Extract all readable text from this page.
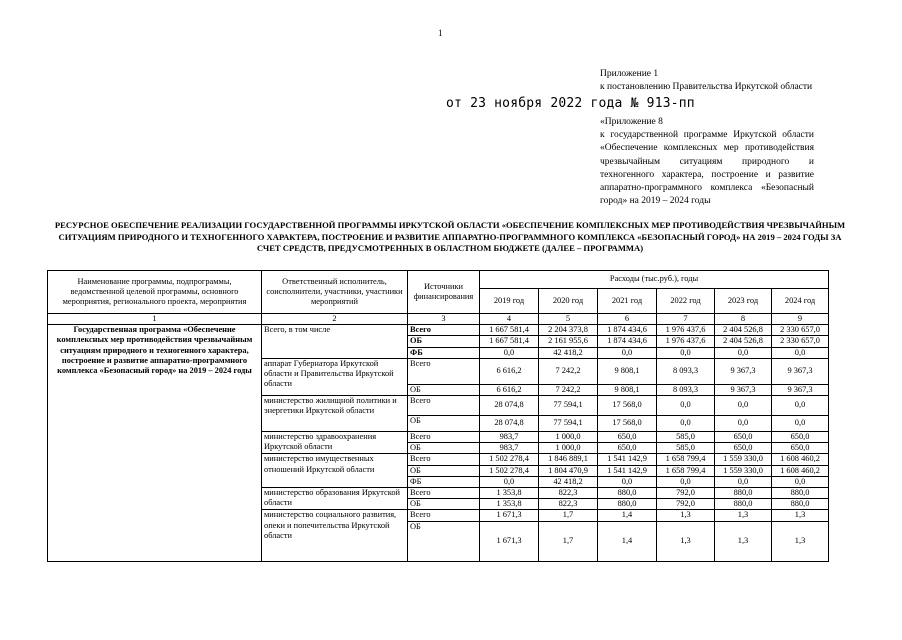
1
Приложение 1
к постановлению Правительства Иркутской области
от 23 ноября 2022 года № 913-пп
«Приложение 8
к государственной программе Иркутской области
«Обеспечение комплексных мер противодействия
чрезвычайным ситуациям природного и
техногенного характера, построение и развитие
аппаратно-программного комплекса «Безопасный
город» на 2019 – 2024 годы
РЕСУРСНОЕ ОБЕСПЕЧЕНИЕ РЕАЛИЗАЦИИ ГОСУДАРСТВЕННОЙ ПРОГРАММЫ ИРКУТСКОЙ ОБЛАСТИ «ОБЕСПЕЧЕНИЕ КОМПЛЕКСНЫХ МЕР ПРОТИВОДЕЙСТВИЯ ЧРЕЗВЫЧАЙНЫМ СИТУАЦИЯМ ПРИРОДНОГО И ТЕХНОГЕННОГО ХАРАКТЕРА, ПОСТРОЕНИЕ И РАЗВИТИЕ АППАРАТНО-ПРОГРАММНОГО КОМПЛЕКСА «БЕЗОПАСНЫЙ ГОРОД» НА 2019 – 2024 ГОДЫ ЗА СЧЕТ СРЕДСТВ, ПРЕДУСМОТРЕННЫХ В ОБЛАСТНОМ БЮДЖЕТЕ (ДАЛЕЕ – ПРОГРАММА)
Наименование программы, подпрограммы, ведомственной целевой программы, основного мероприятия, регионального проекта, мероприятия	Ответственный исполнитель, соисполнители, участники, участники мероприятий	Источники финансирования	Расходы (тыс.руб.), годы					
			2019 год	2020 год	2021 год	2022 год	2023 год	2024 год
1	2	3	4	5	6	7	8	9
Государственная программа «Обеспечение комплексных мер противодействия чрезвычайным ситуациям природного и техногенного характера, построение и развитие аппаратно-программного комплекса «Безопасный город» на 2019 – 2024 годы	Всего, в том числе	Всего	1 667 581,4	2 204 373,8	1 874 434,6	1 976 437,6	2 404 526,8	2 330 657,0
		ОБ	1 667 581,4	2 161 955,6	1 874 434,6	1 976 437,6	2 404 526,8	2 330 657,0
		ФБ	0,0	42 418,2	0,0	0,0	0,0	0,0
	аппарат Губернатора Иркутской области и Правительства Иркутской области	Всего	6 616,2	7 242,2	9 808,1	8 093,3	9 367,3	9 367,3
		ОБ	6 616,2	7 242,2	9 808,1	8 093,3	9 367,3	9 367,3
	министерство жилищной политики и энергетики Иркутской области	Всего	28 074,8	77 594,1	17 568,0	0,0	0,0	0,0
		ОБ	28 074,8	77 594,1	17 568,0	0,0	0,0	0,0
	министерство здравоохранения Иркутской области	Всего	983,7	1 000,0	650,0	585,0	650,0	650,0
		ОБ	983,7	1 000,0	650,0	585,0	650,0	650,0
	министерство имущественных отношений Иркутской области	Всего	1 502 278,4	1 846 889,1	1 541 142,9	1 658 799,4	1 559 330,0	1 608 460,2
		ОБ	1 502 278,4	1 804 470,9	1 541 142,9	1 658 799,4	1 559 330,0	1 608 460,2
		ФБ	0,0	42 418,2	0,0	0,0	0,0	0,0
	министерство образования Иркутской области	Всего	1 353,8	822,3	880,0	792,0	880,0	880,0
		ОБ	1 353,8	822,3	880,0	792,0	880,0	880,0
	министерство социального развития, опеки и попечительства Иркутской области	Всего	1 671,3	1,7	1,4	1,3	1,3	1,3
		ОБ	1 671,3	1,7	1,4	1,3	1,3	1,3
